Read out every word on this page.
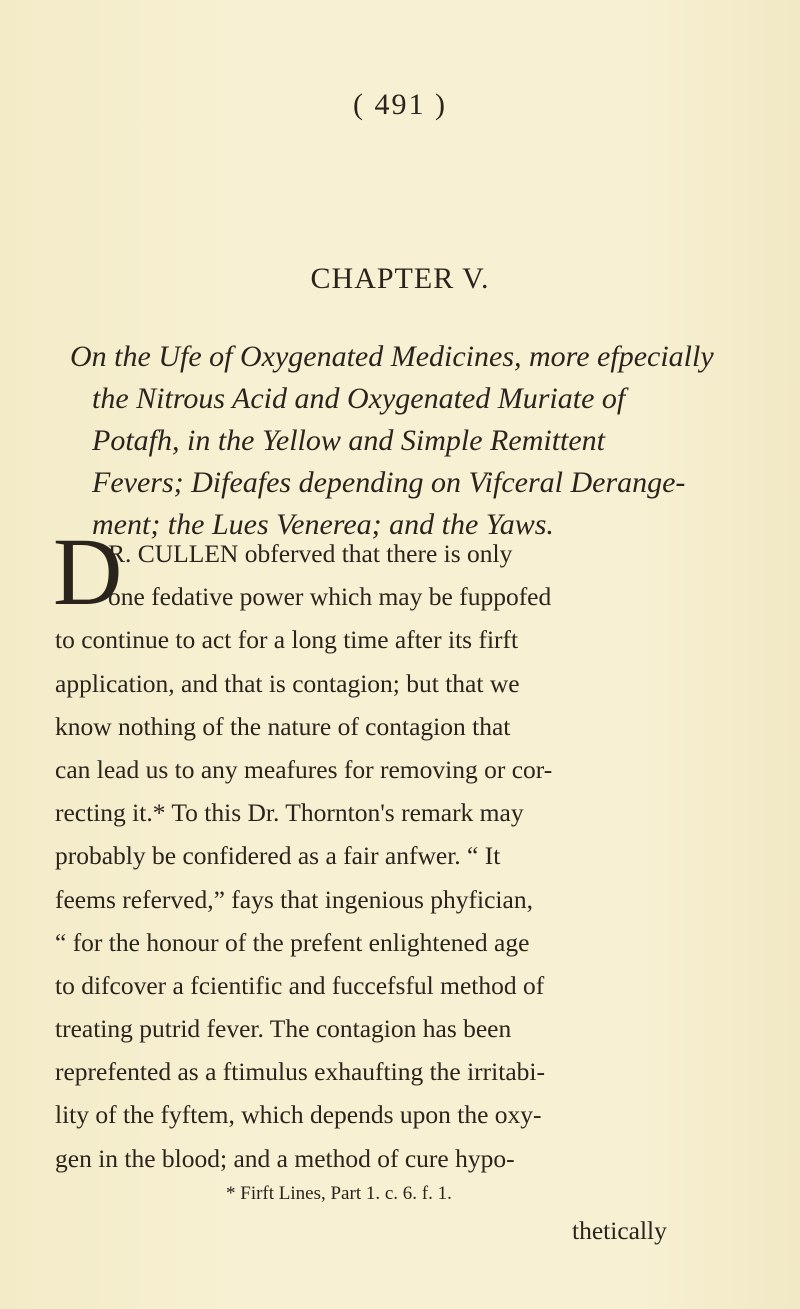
( 491 )
CHAPTER V.
On the Ufe of Oxygenated Medicines, more efpecially
the Nitrous Acid and Oxygenated Muriate of
Potafh, in the Yellow and Simple Remittent
Fevers; Difeafes depending on Vifceral Derange-
ment; the Lues Venerea; and the Yaws.
D
R. CULLEN obferved that there is only
one fedative power which may be fuppofed
to continue to act for a long time after its firft
application, and that is contagion; but that we
know nothing of the nature of contagion that
can lead us to any meafures for removing or cor-
recting it.* To this Dr. Thornton's remark may
probably be confidered as a fair anfwer. “ It
feems referved,” fays that ingenious phyfician,
“ for the honour of the prefent enlightened age
to difcover a fcientific and fuccefsful method of
treating putrid fever. The contagion has been
reprefented as a ftimulus exhaufting the irritabi-
lity of the fyftem, which depends upon the oxy-
gen in the blood; and a method of cure hypo-
* Firft Lines, Part 1. c. 6. f. 1.
thetically
